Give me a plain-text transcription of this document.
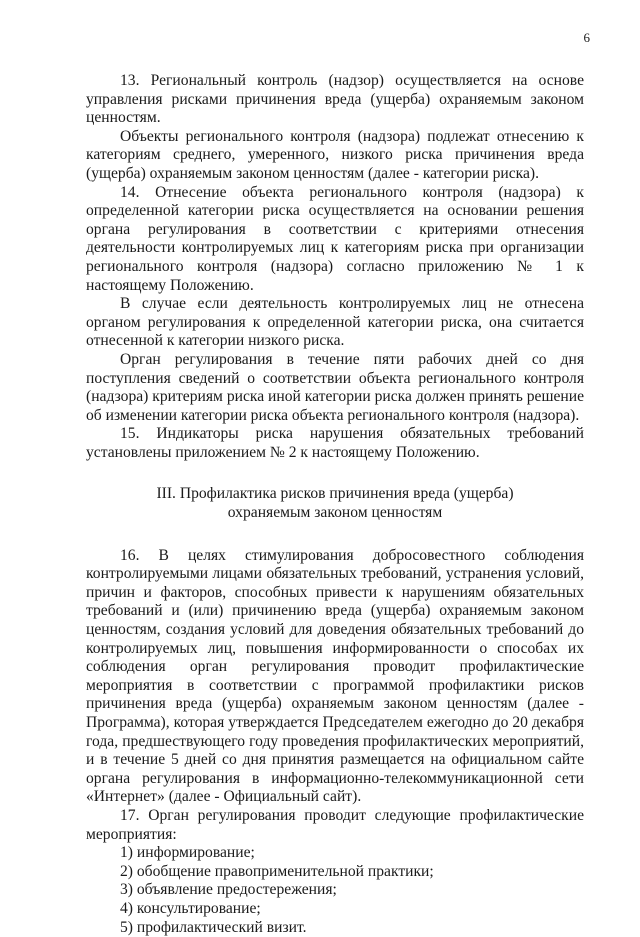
6

13. Региональный контроль (надзор) осуществляется на основе управления рисками причинения вреда (ущерба) охраняемым законом ценностям.

Объекты регионального контроля (надзора) подлежат отнесению к категориям среднего, умеренного, низкого риска причинения вреда (ущерба) охраняемым законом ценностям (далее - категории риска).

14. Отнесение объекта регионального контроля (надзора) к определенной категории риска осуществляется на основании решения органа регулирования в соответствии с критериями отнесения деятельности контролируемых лиц к категориям риска при организации регионального контроля (надзора) согласно приложению № 1 к настоящему Положению.

В случае если деятельность контролируемых лиц не отнесена органом регулирования к определенной категории риска, она считается отнесенной к категории низкого риска.

Орган регулирования в течение пяти рабочих дней со дня поступления сведений о соответствии объекта регионального контроля (надзора) критериям риска иной категории риска должен принять решение об изменении категории риска объекта регионального контроля (надзора).

15. Индикаторы риска нарушения обязательных требований установлены приложением № 2 к настоящему Положению.

III. Профилактика рисков причинения вреда (ущерба)
охраняемым законом ценностям

16. В целях стимулирования добросовестного соблюдения контролируемыми лицами обязательных требований, устранения условий, причин и факторов, способных привести к нарушениям обязательных требований и (или) причинению вреда (ущерба) охраняемым законом ценностям, создания условий для доведения обязательных требований до контролируемых лиц, повышения информированности о способах их соблюдения орган регулирования проводит профилактические мероприятия в соответствии с программой профилактики рисков причинения вреда (ущерба) охраняемым законом ценностям (далее - Программа), которая утверждается Председателем ежегодно до 20 декабря года, предшествующего году проведения профилактических мероприятий, и в течение 5 дней со дня принятия размещается на официальном сайте органа регулирования в информационно-телекоммуникационной сети «Интернет» (далее - Официальный сайт).

17. Орган регулирования проводит следующие профилактические мероприятия:

1) информирование;
2) обобщение правоприменительной практики;
3) объявление предостережения;
4) консультирование;
5) профилактический визит.
